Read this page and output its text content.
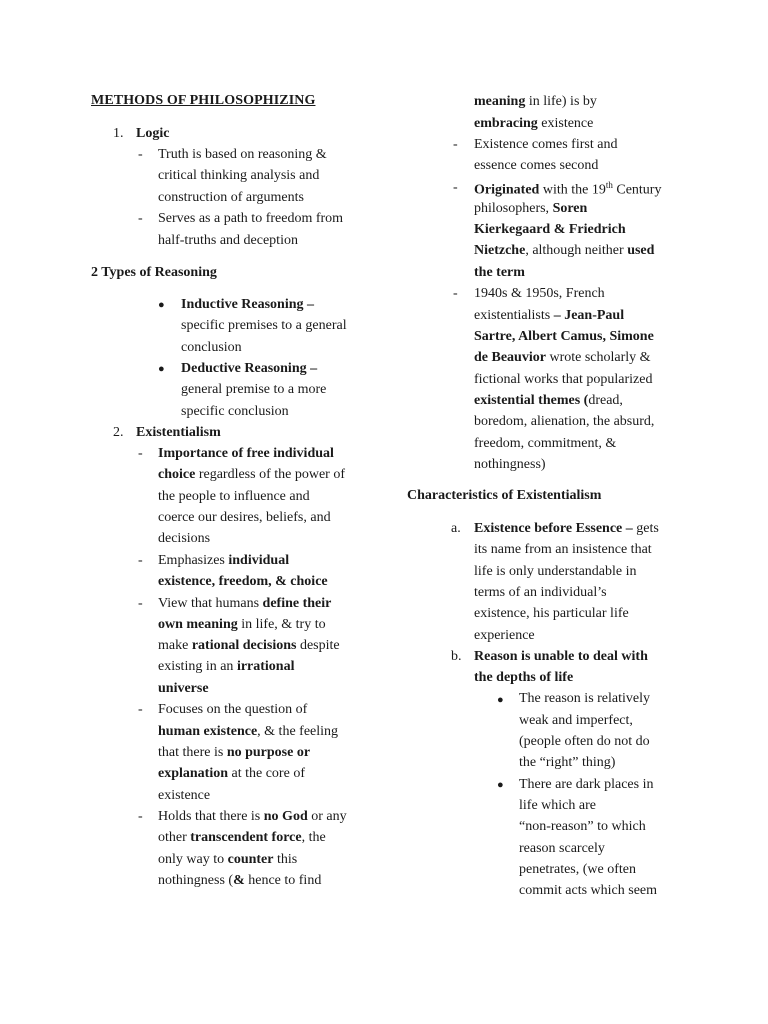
METHODS OF PHILOSOPHIZING
1. Logic
- Truth is based on reasoning &
critical thinking analysis and
construction of arguments
- Serves as a path to freedom from
half-truths and deception
2 Types of Reasoning
● Inductive Reasoning –
specific premises to a general
conclusion
● Deductive Reasoning –
general premise to a more
specific conclusion
2. Existentialism
- Importance of free individual
choice regardless of the power of
the people to influence and
coerce our desires, beliefs, and
decisions
- Emphasizes individual
existence, freedom, & choice
- View that humans define their
own meaning in life, & try to
make rational decisions despite
existing in an irrational
universe
- Focuses on the question of
human existence, & the feeling
that there is no purpose or
explanation at the core of
existence
- Holds that there is no God or any
other transcendent force, the
only way to counter this
nothingness (& hence to find
meaning in life) is by
embracing existence
- Existence comes first and
essence comes second
- Originated with the 19th Century
philosophers, Soren
Kierkegaard & Friedrich
Nietzche, although neither used
the term
- 1940s & 1950s, French
existentialists – Jean-Paul
Sartre, Albert Camus, Simone
de Beauvior wrote scholarly &
fictional works that popularized
existential themes (dread,
boredom, alienation, the absurd,
freedom, commitment, &
nothingness)
Characteristics of Existentialism
a. Existence before Essence – gets
its name from an insistence that
life is only understandable in
terms of an individual’s
existence, his particular life
experience
b. Reason is unable to deal with
the depths of life
● The reason is relatively
weak and imperfect,
(people often do not do
the “right” thing)
● There are dark places in
life which are
“non-reason” to which
reason scarcely
penetrates, (we often
commit acts which seem
